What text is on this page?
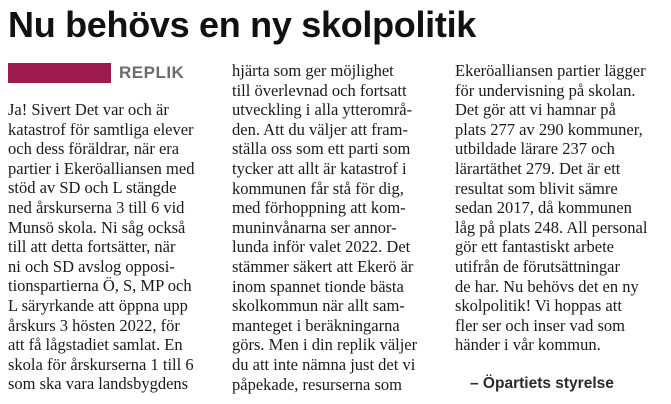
Nu behövs en ny skolpolitik
REPLIK
Ja! Sivert Det var och är
katastrof för samtliga elever
och dess föräldrar, när era
partier i Ekeröalliansen med
stöd av SD och L stängde
ned årskurserna 3 till 6 vid
Munsö skola. Ni såg också
till att detta fortsätter, när
ni och SD avslog opposi-
tionspartierna Ö, S, MP och
L säryrkande att öppna upp
årskurs 3 hösten 2022, för
att få lågstadiet samlat. En
skola för årskurserna 1 till 6
som ska vara landsbygdens
hjärta som ger möjlighet
till överlevnad och fortsatt
utveckling i alla ytterområ-
den. Att du väljer att fram-
ställa oss som ett parti som
tycker att allt är katastrof i
kommunen får stå för dig,
med förhoppning att kom-
muninvånarna ser annor-
lunda inför valet 2022. Det
stämmer säkert att Ekerö är
inom spannet tionde bästa
skolkommun när allt sam-
manteget i beräkningarna
görs. Men i din replik väljer
du att inte nämna just det vi
påpekade, resurserna som
Ekeröalliansen partier lägger
för undervisning på skolan.
Det gör att vi hamnar på
plats 277 av 290 kommuner,
utbildade lärare 237 och
lärartäthet 279. Det är ett
resultat som blivit sämre
sedan 2017, då kommunen
låg på plats 248. All personal
gör ett fantastiskt arbete
utifrån de förutsättningar
de har. Nu behövs det en ny
skolpolitik! Vi hoppas att
fler ser och inser vad som
händer i vår kommun.
– Öpartiets styrelse
